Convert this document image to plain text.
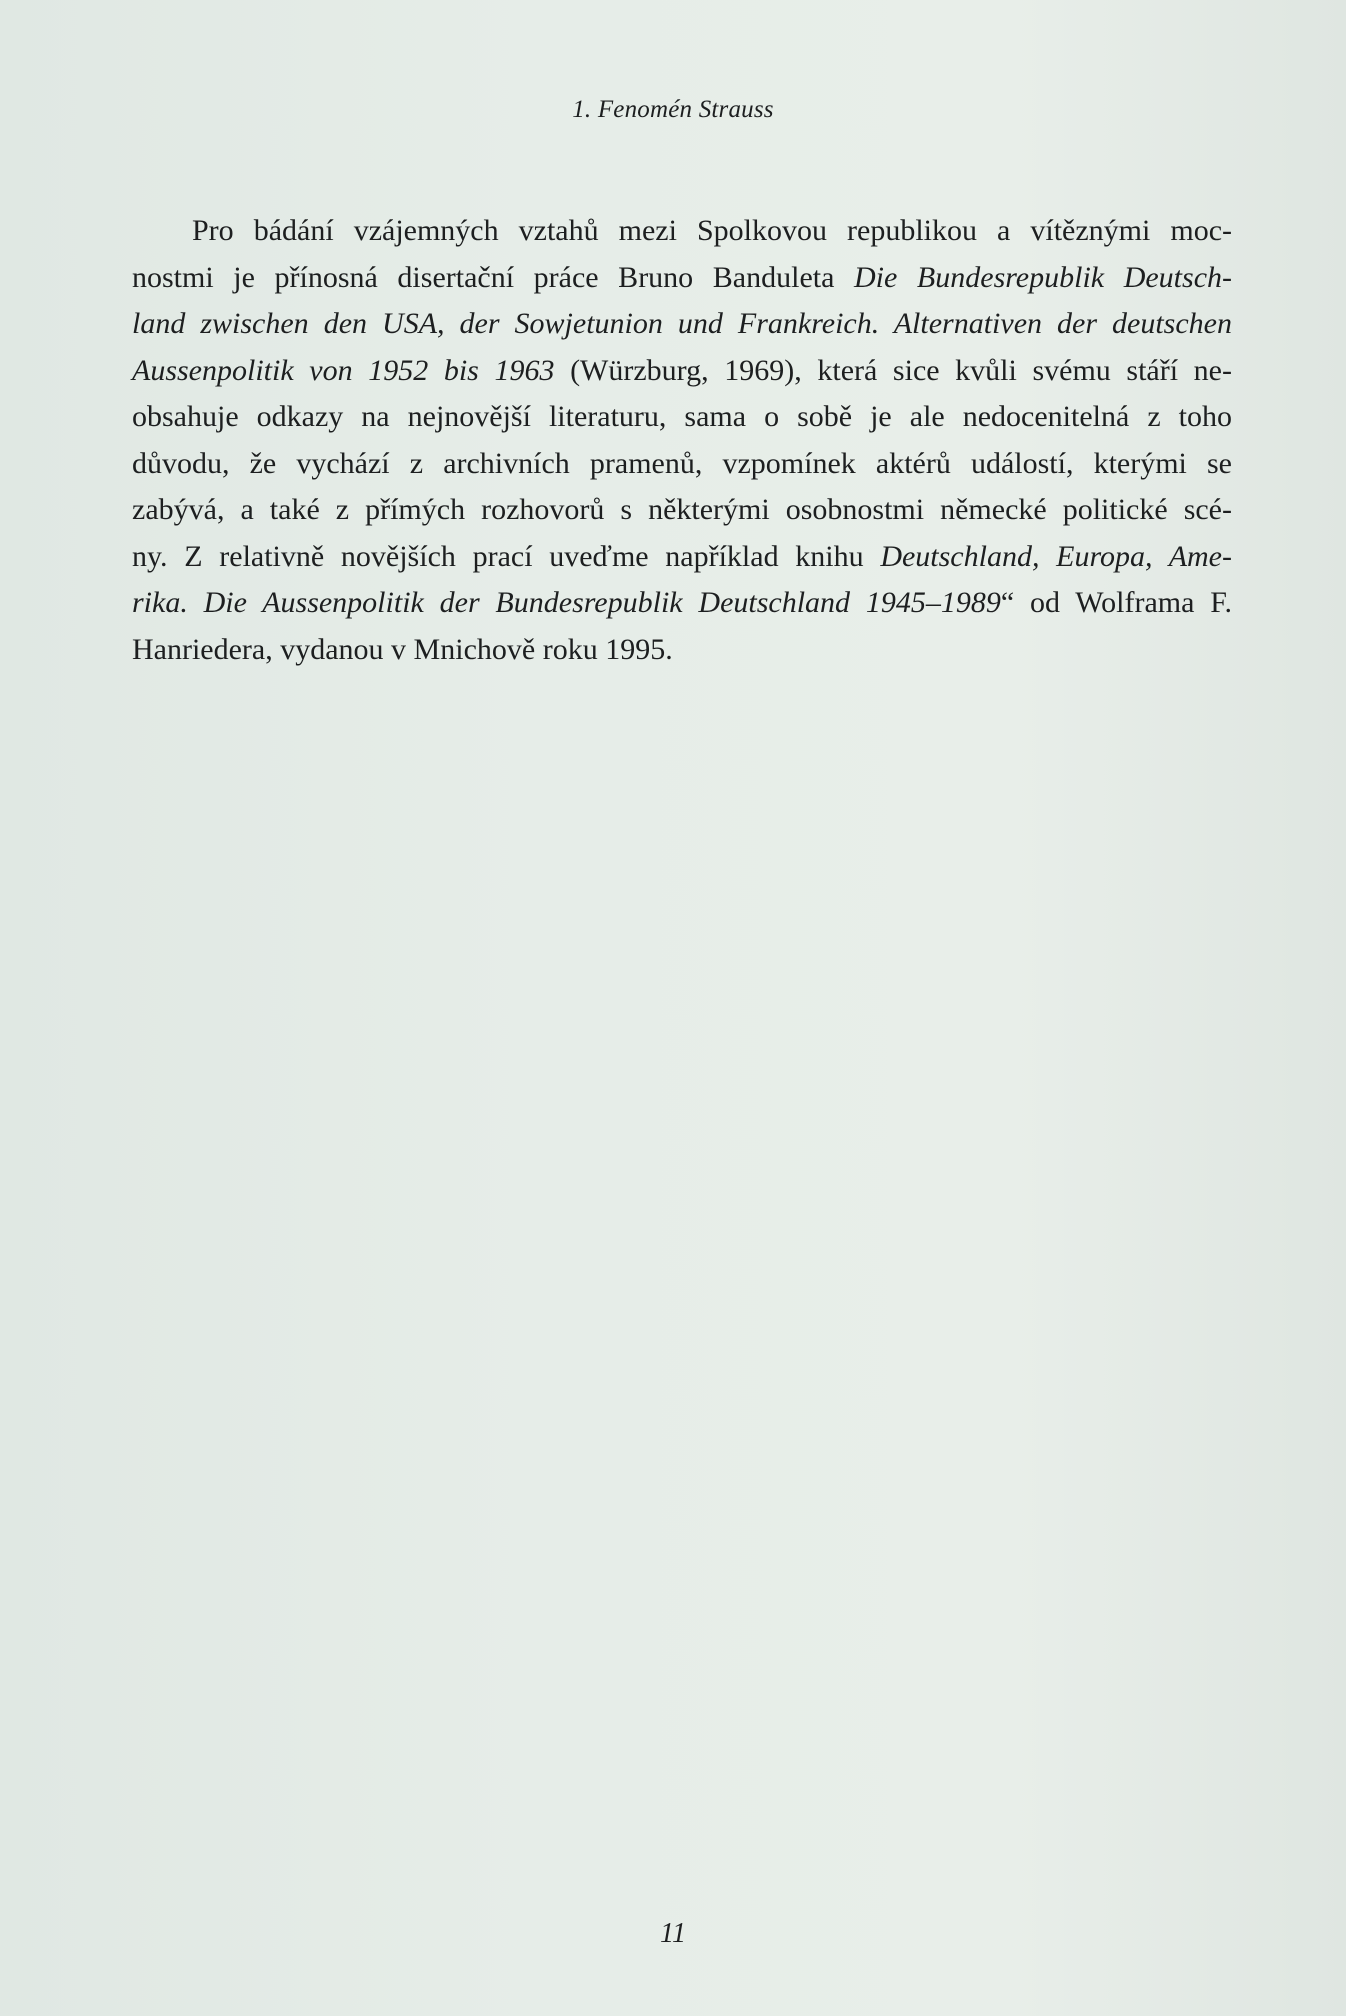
1. Fenomén Strauss

Pro bádání vzájemných vztahů mezi Spolkovou republikou a vítěznými moc-
nostmi je přínosná disertační práce Bruno Banduleta Die Bundesrepublik Deutsch-
land zwischen den USA, der Sowjetunion und Frankreich. Alternativen der deutschen
Aussenpolitik von 1952 bis 1963 (Würzburg, 1969), která sice kvůli svému stáří ne-
obsahuje odkazy na nejnovější literaturu, sama o sobě je ale nedocenitelná z toho
důvodu, že vychází z archivních pramenů, vzpomínek aktérů událostí, kterými se
zabývá, a také z přímých rozhovorů s některými osobnostmi německé politické scé-
ny. Z relativně novějších prací uveďme například knihu Deutschland, Europa, Ame-
rika. Die Aussenpolitik der Bundesrepublik Deutschland 1945–1989“ od Wolframa F.
Hanriedera, vydanou v Mnichově roku 1995.

11
